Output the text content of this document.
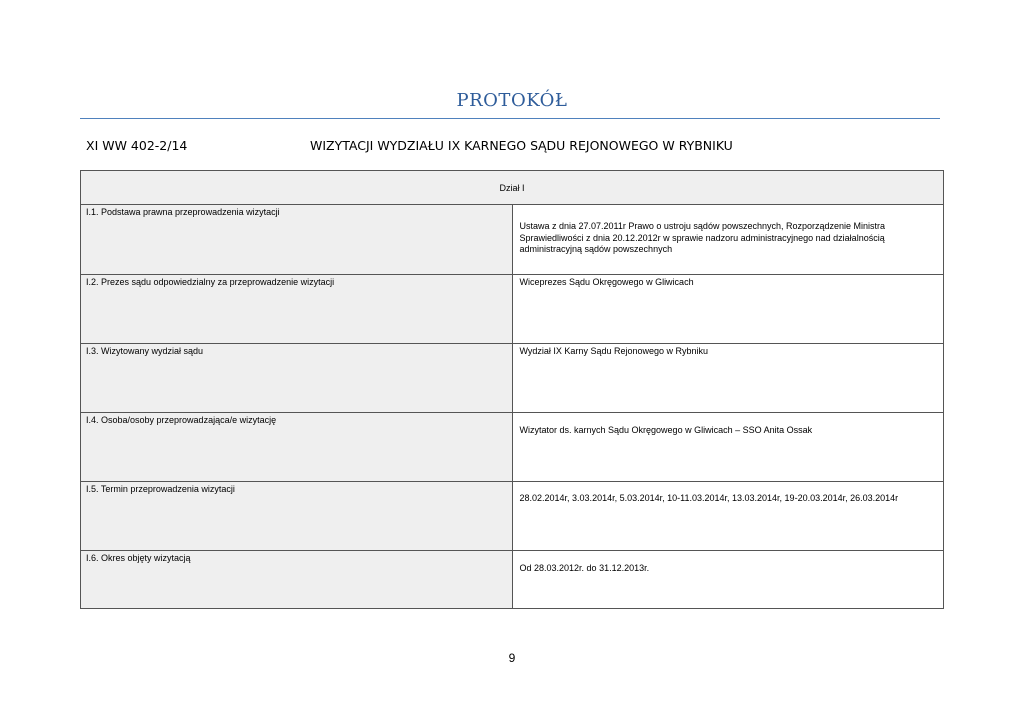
PROTOKÓŁ
XI WW 402-2/14	WIZYTACJI WYDZIAŁU IX KARNEGO SĄDU REJONOWEGO W RYBNIKU
Dział I	
I.1. Podstawa prawna przeprowadzenia wizytacji	Ustawa z dnia 27.07.2011r Prawo o ustroju sądów powszechnych, Rozporządzenie Ministra Sprawiedliwości z dnia 20.12.2012r w sprawie nadzoru administracyjnego nad działalnością administracyjną sądów powszechnych

I.2. Prezes sądu odpowiedzialny za przeprowadzenie wizytacji	Wiceprezes Sądu Okręgowego w Gliwicach
I.3. Wizytowany wydział sądu	Wydział IX Karny Sądu Rejonowego w Rybniku
I.4. Osoba/osoby przeprowadzająca/e wizytację	Wizytator ds. karnych Sądu Okręgowego w Gliwicach – SSO Anita Ossak

I.5. Termin przeprowadzenia wizytacji	28.02.2014r, 3.03.2014r, 5.03.2014r, 10-11.03.2014r, 13.03.2014r, 19-20.03.2014r, 26.03.2014r

I.6. Okres objęty wizytacją	Od 28.03.2012r. do 31.12.2013r.
9
